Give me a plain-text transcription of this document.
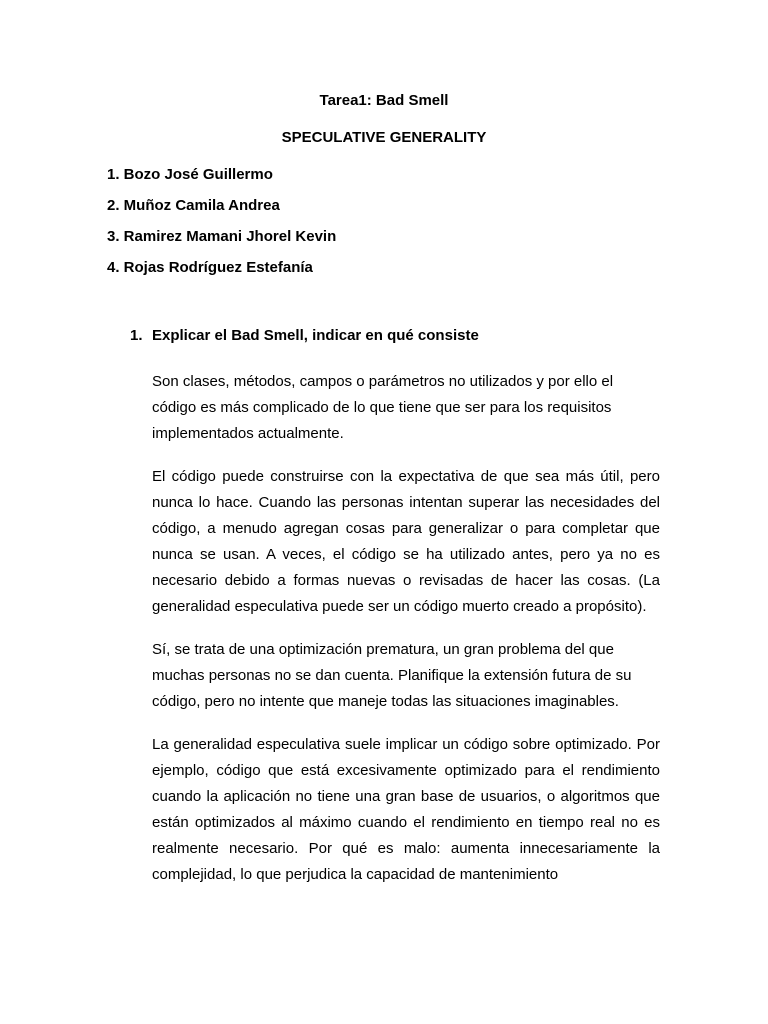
Tarea1: Bad Smell
SPECULATIVE GENERALITY
1. Bozo José Guillermo
2. Muñoz Camila Andrea
3. Ramirez Mamani Jhorel Kevin
4. Rojas Rodríguez Estefanía
1. Explicar el Bad Smell, indicar en qué consiste

Son clases, métodos, campos o parámetros no utilizados y por ello el código es más complicado de lo que tiene que ser para los requisitos implementados actualmente.

El código puede construirse con la expectativa de que sea más útil, pero nunca lo hace. Cuando las personas intentan superar las necesidades del código, a menudo agregan cosas para generalizar o para completar que nunca se usan. A veces, el código se ha utilizado antes, pero ya no es necesario debido a formas nuevas o revisadas de hacer las cosas. (La generalidad especulativa puede ser un código muerto creado a propósito).

Sí, se trata de una optimización prematura, un gran problema del que muchas personas no se dan cuenta. Planifique la extensión futura de su código, pero no intente que maneje todas las situaciones imaginables.

La generalidad especulativa suele implicar un código sobre optimizado. Por ejemplo, código que está excesivamente optimizado para el rendimiento cuando la aplicación no tiene una gran base de usuarios, o algoritmos que están optimizados al máximo cuando el rendimiento en tiempo real no es realmente necesario. Por qué es malo: aumenta innecesariamente la complejidad, lo que perjudica la capacidad de mantenimiento
